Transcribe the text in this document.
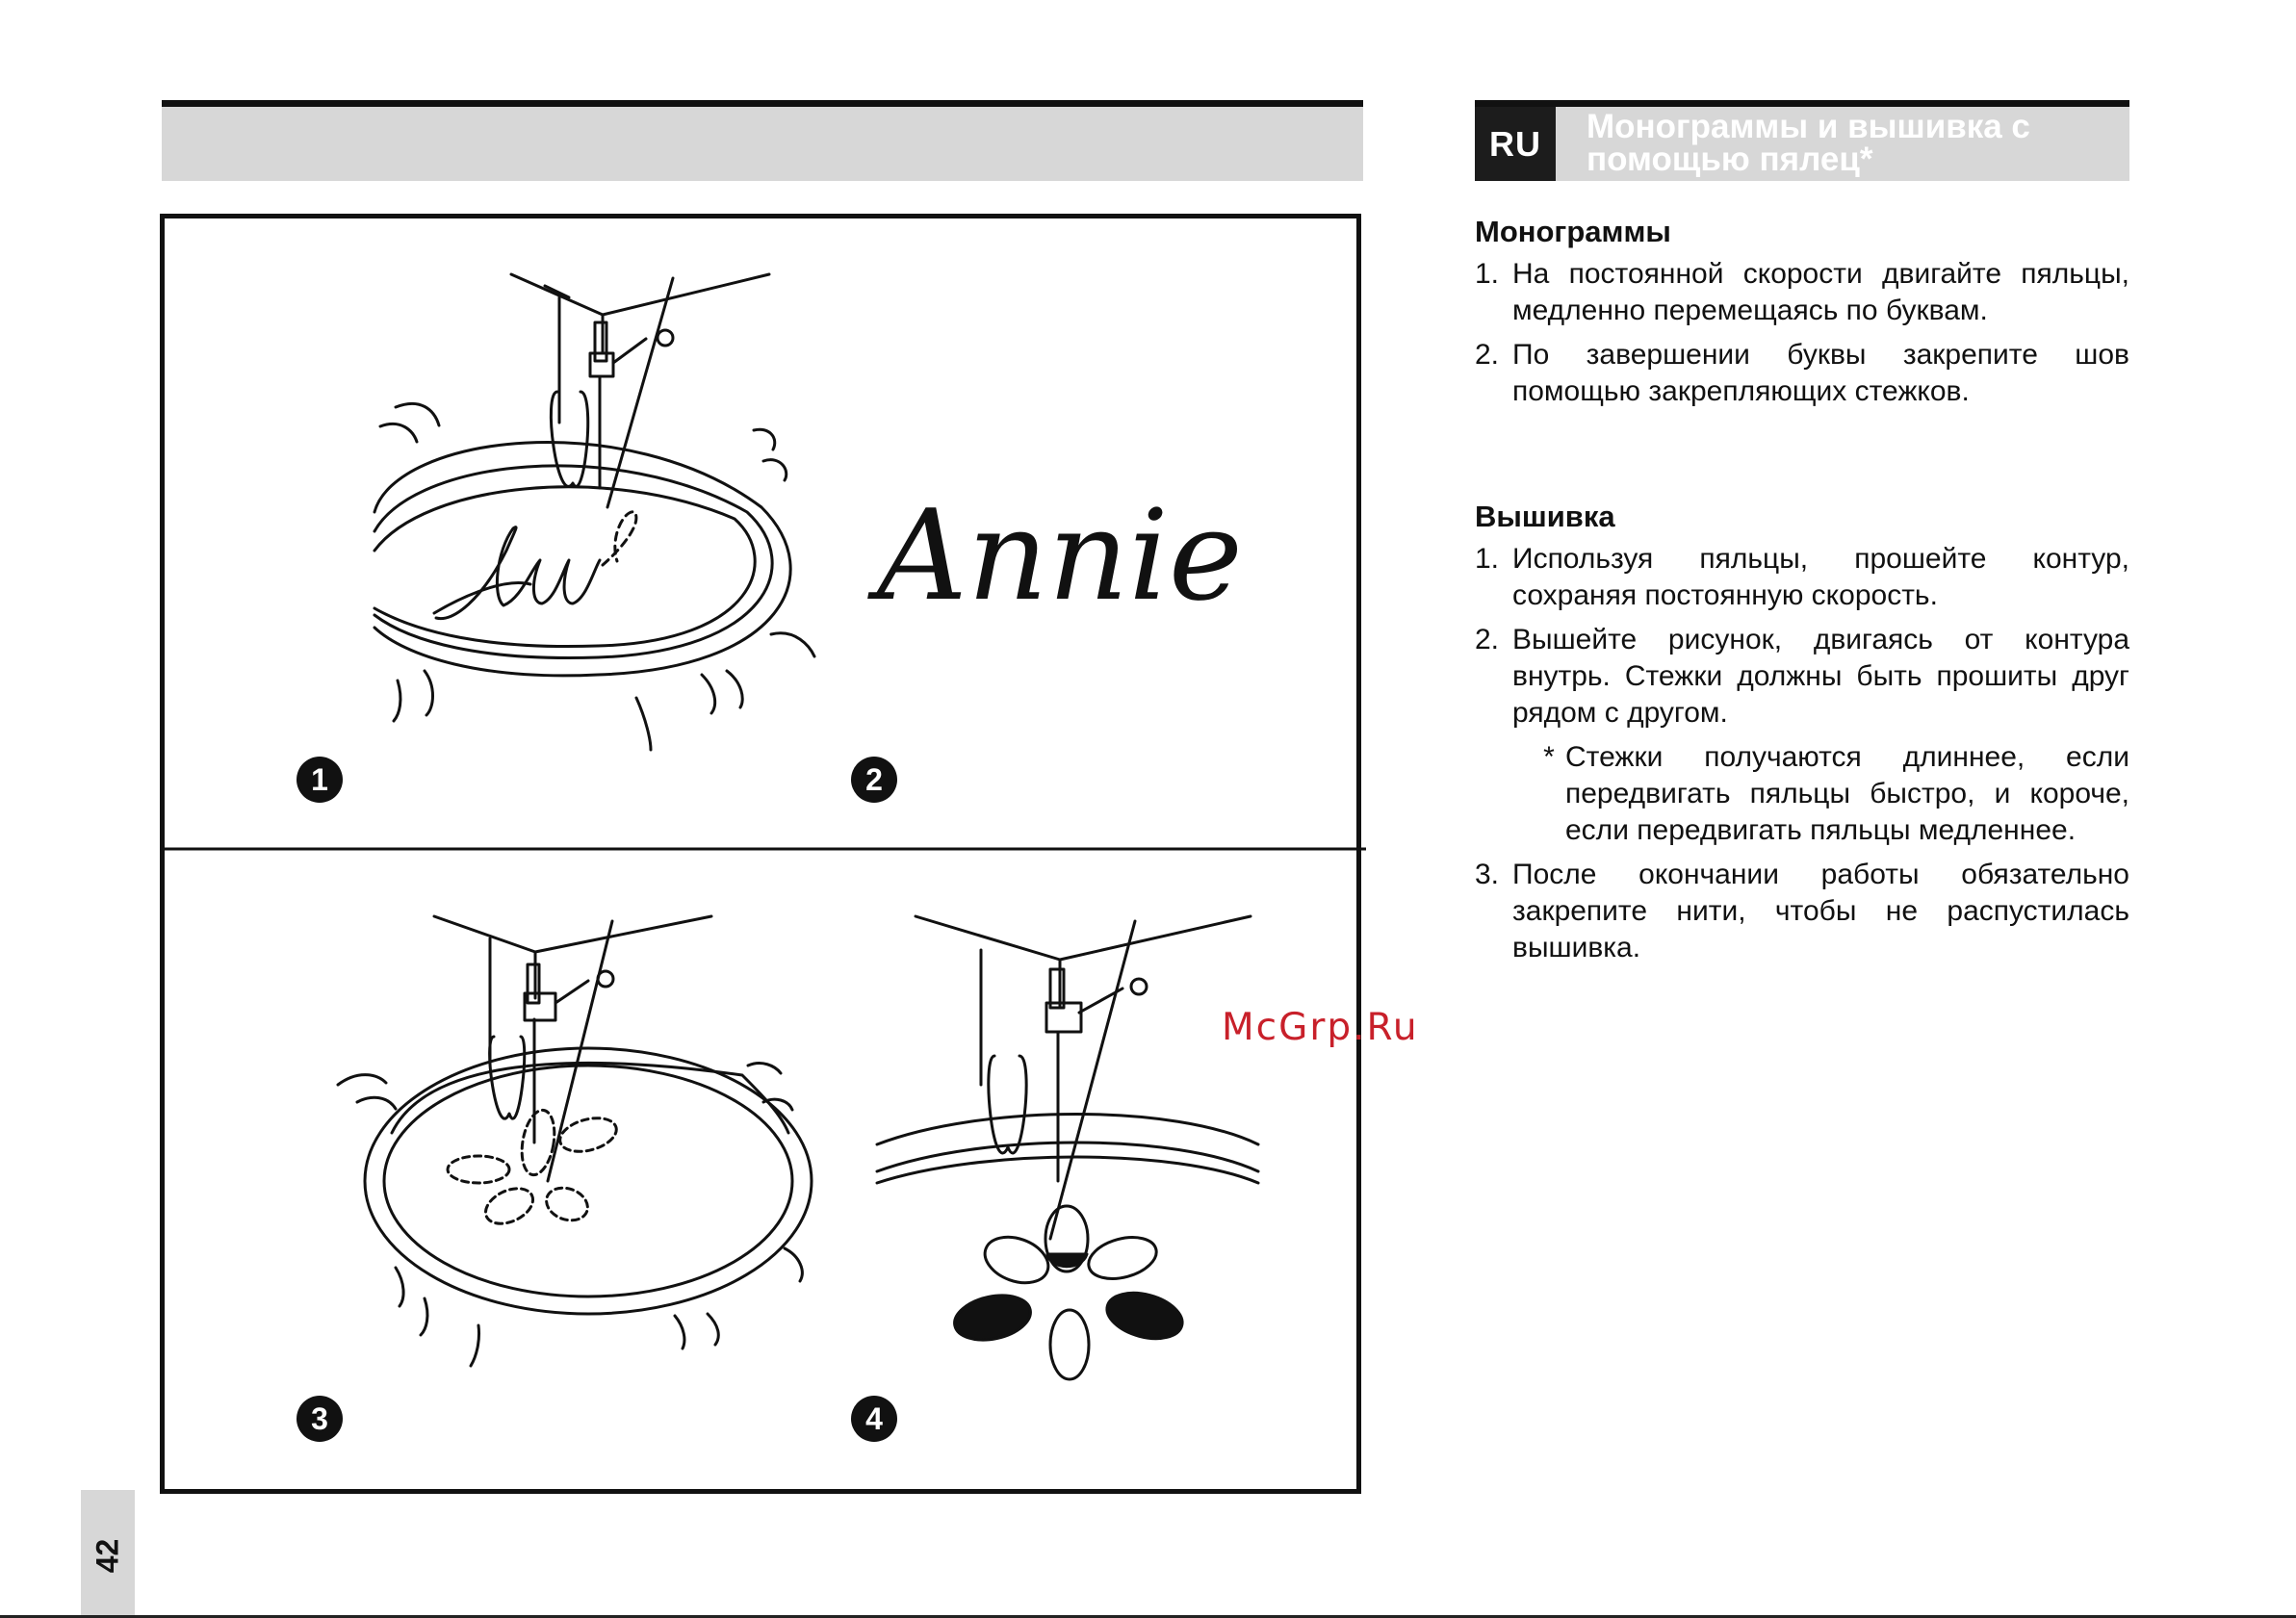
RU	Монограммы и вышивка с помощью пялец*
Annie
1	2
3	4
McGrp.Ru
Монограммы
1. На постоянной скорости двигайте пяльцы, медленно перемещаясь по буквам.
2. По завершении буквы закрепите шов помощью закрепляющих стежков.
Вышивка
1. Используя пяльцы, прошейте контур, сохраняя постоянную скорость.
2. Вышейте рисунок, двигаясь от контура внутрь. Стежки должны быть прошиты друг рядом с другом.
* Стежки получаются длиннее, если передвигать пяльцы быстро, и короче, если передвигать пяльцы медленнее.
3. После окончании работы обязательно закрепите нити, чтобы не распустилась вышивка.
42
